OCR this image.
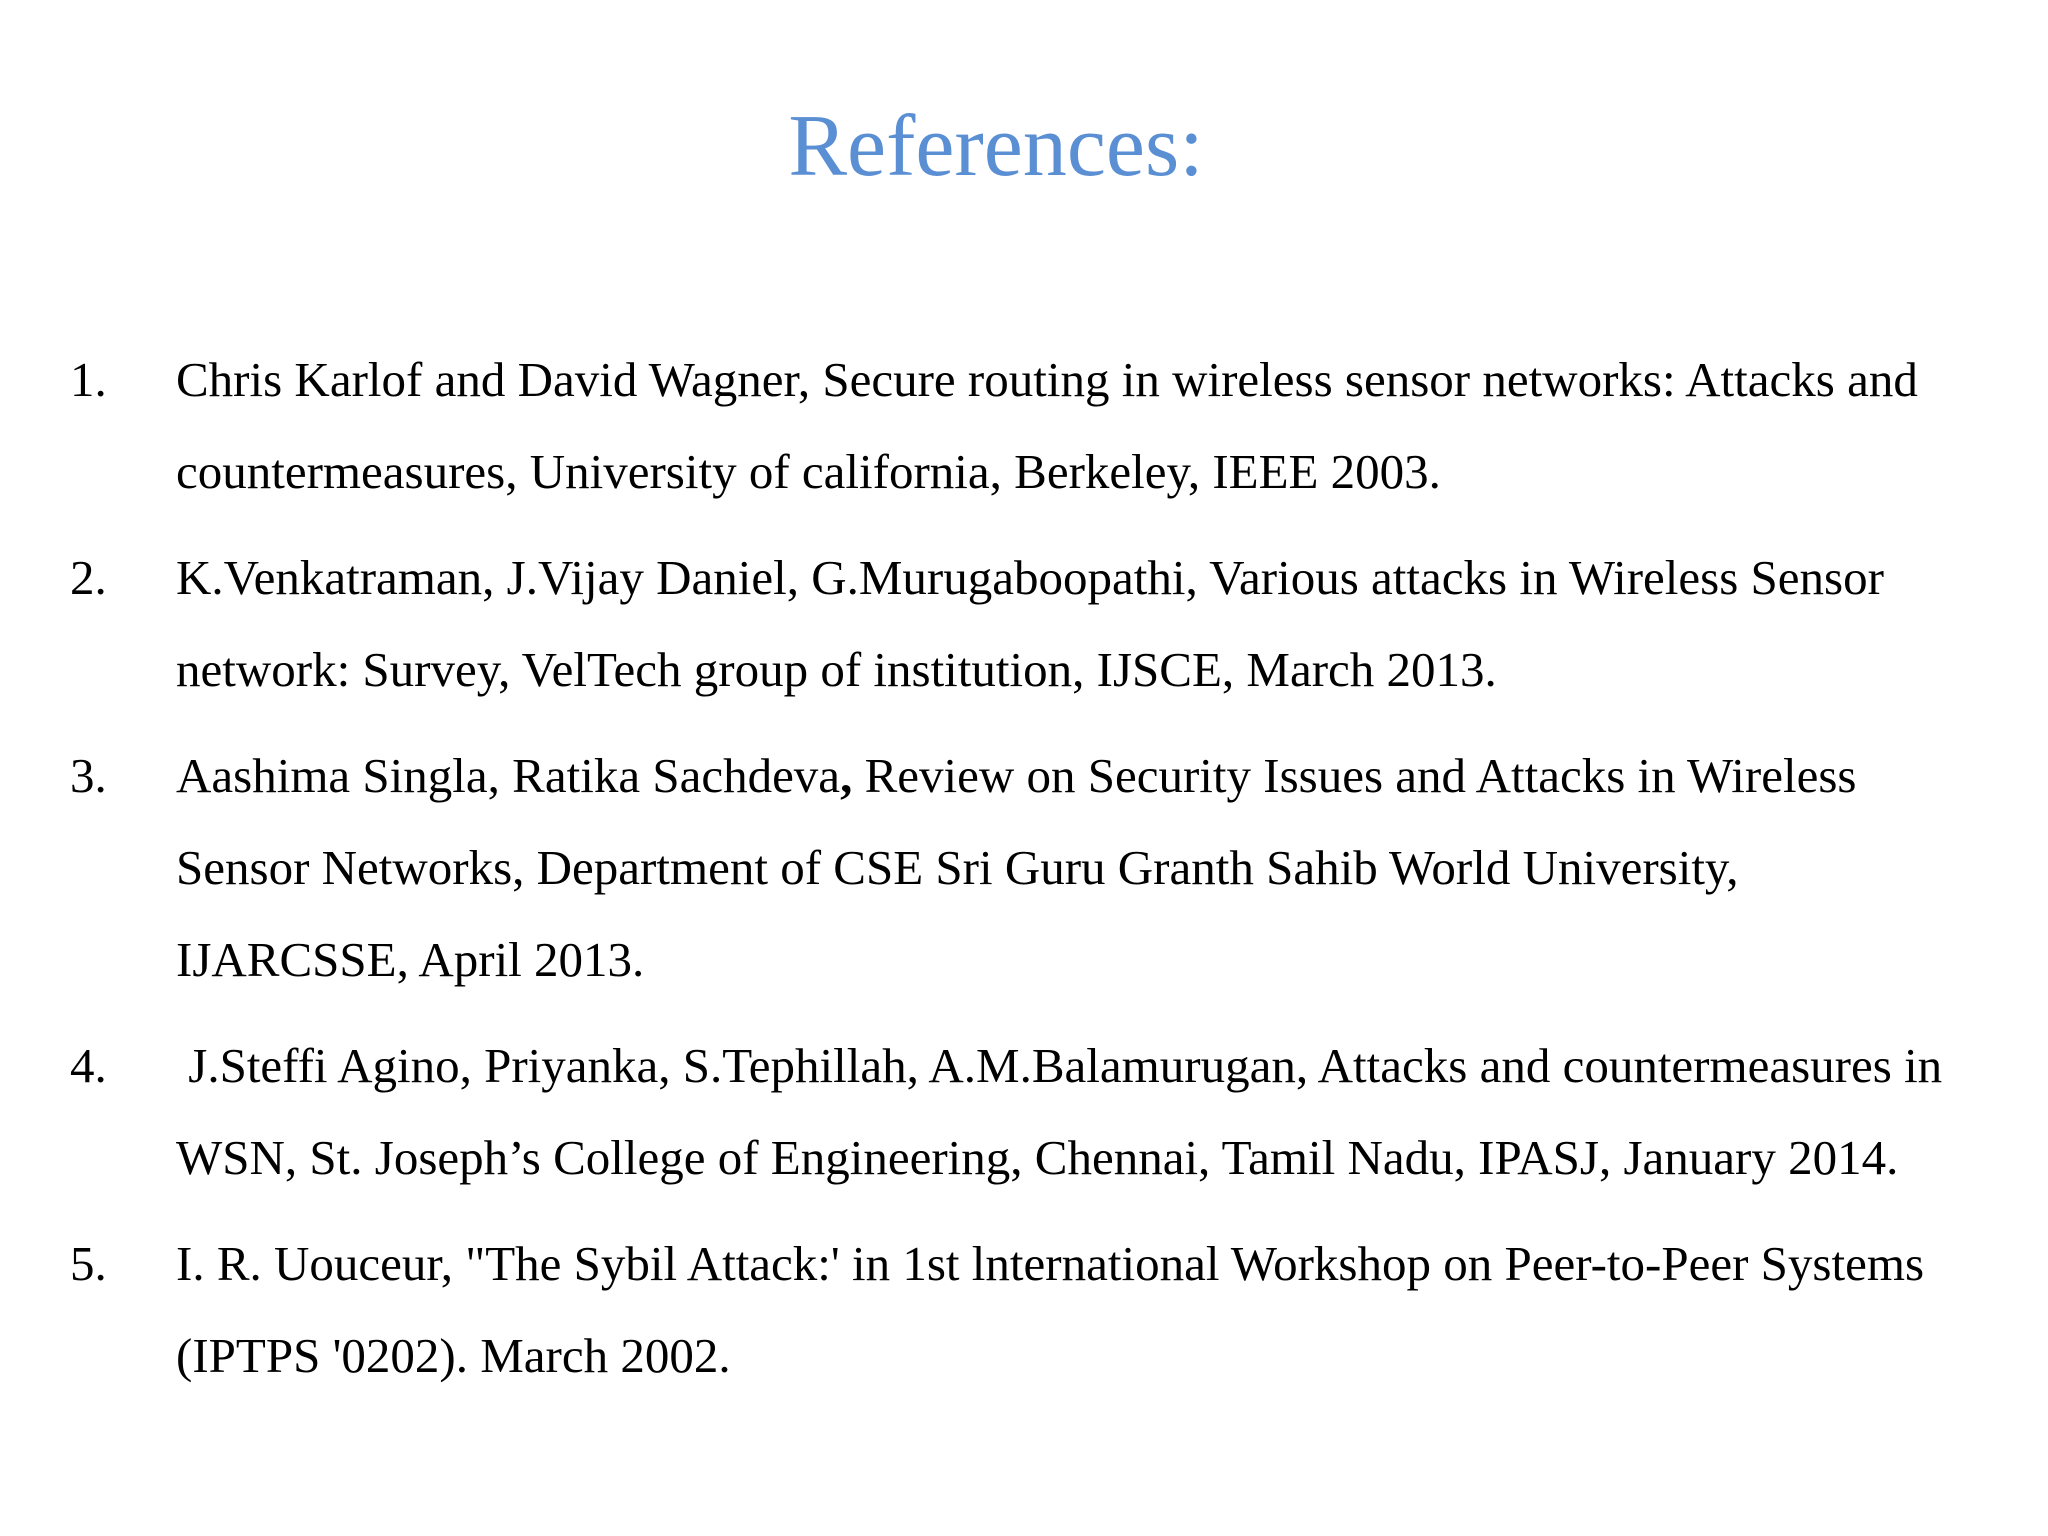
References:
1.	Chris Karlof and David Wagner, Secure routing in wireless sensor networks: Attacks and countermeasures, University of california, Berkeley, IEEE 2003.
2.	K.Venkatraman, J.Vijay Daniel, G.Murugaboopathi, Various attacks in Wireless Sensor network: Survey, VelTech group of institution, IJSCE, March 2013.
3.	Aashima Singla, Ratika Sachdeva, Review on Security Issues and Attacks in Wireless Sensor Networks, Department of CSE Sri Guru Granth Sahib World University, IJARCSSE, April 2013.
4.	J.Steffi Agino, Priyanka, S.Tephillah, A.M.Balamurugan, Attacks and countermeasures in WSN, St. Joseph’s College of Engineering, Chennai, Tamil Nadu, IPASJ, January 2014.
5.	I. R. Uouceur, "The Sybil Attack:' in 1st lnternational Workshop on Peer-to-Peer Systems (IPTPS '0202). March 2002.
